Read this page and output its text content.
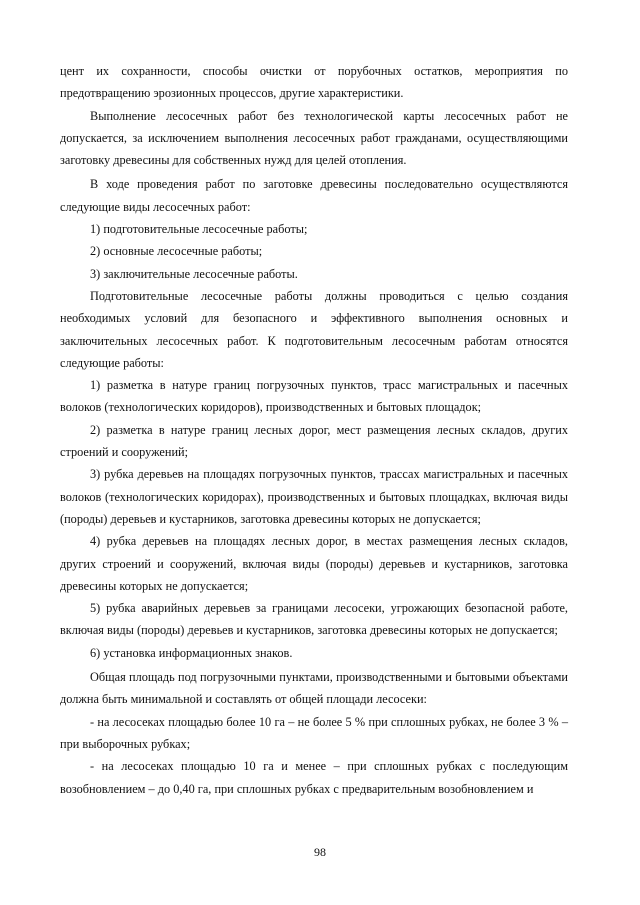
цент их сохранности, способы очистки от порубочных остатков, мероприятия по предотвращению эрозионных процессов, другие характеристики.

Выполнение лесосечных работ без технологической карты лесосечных работ не допускается, за исключением выполнения лесосечных работ гражданами, осуществляющими заготовку древесины для собственных нужд для целей отопления.

В ходе проведения работ по заготовке древесины последовательно осуществляются следующие виды лесосечных работ:

1) подготовительные лесосечные работы;

2) основные лесосечные работы;

3) заключительные лесосечные работы.

Подготовительные лесосечные работы должны проводиться с целью создания необходимых условий для безопасного и эффективного выполнения основных и заключительных лесосечных работ. К подготовительным лесосечным работам относятся следующие работы:

1) разметка в натуре границ погрузочных пунктов, трасс магистральных и пасечных волоков (технологических коридоров), производственных и бытовых площадок;

2) разметка в натуре границ лесных дорог, мест размещения лесных складов, других строений и сооружений;

3) рубка деревьев на площадях погрузочных пунктов, трассах магистральных и пасечных волоков (технологических коридорах), производственных и бытовых площадках, включая виды (породы) деревьев и кустарников, заготовка древесины которых не допускается;

4) рубка деревьев на площадях лесных дорог, в местах размещения лесных складов, других строений и сооружений, включая виды (породы) деревьев и кустарников, заготовка древесины которых не допускается;

5) рубка аварийных деревьев за границами лесосеки, угрожающих безопасной работе, включая виды (породы) деревьев и кустарников, заготовка древесины которых не допускается;

6) установка информационных знаков.

Общая площадь под погрузочными пунктами, производственными и бытовыми объектами должна быть минимальной и составлять от общей площади лесосеки:

- на лесосеках площадью более 10 га – не более 5 % при сплошных рубках, не более 3 % – при выборочных рубках;

- на лесосеках площадью 10 га и менее – при сплошных рубках с последующим возобновлением – до 0,40 га, при сплошных рубках с предварительным возобновлением и

98
